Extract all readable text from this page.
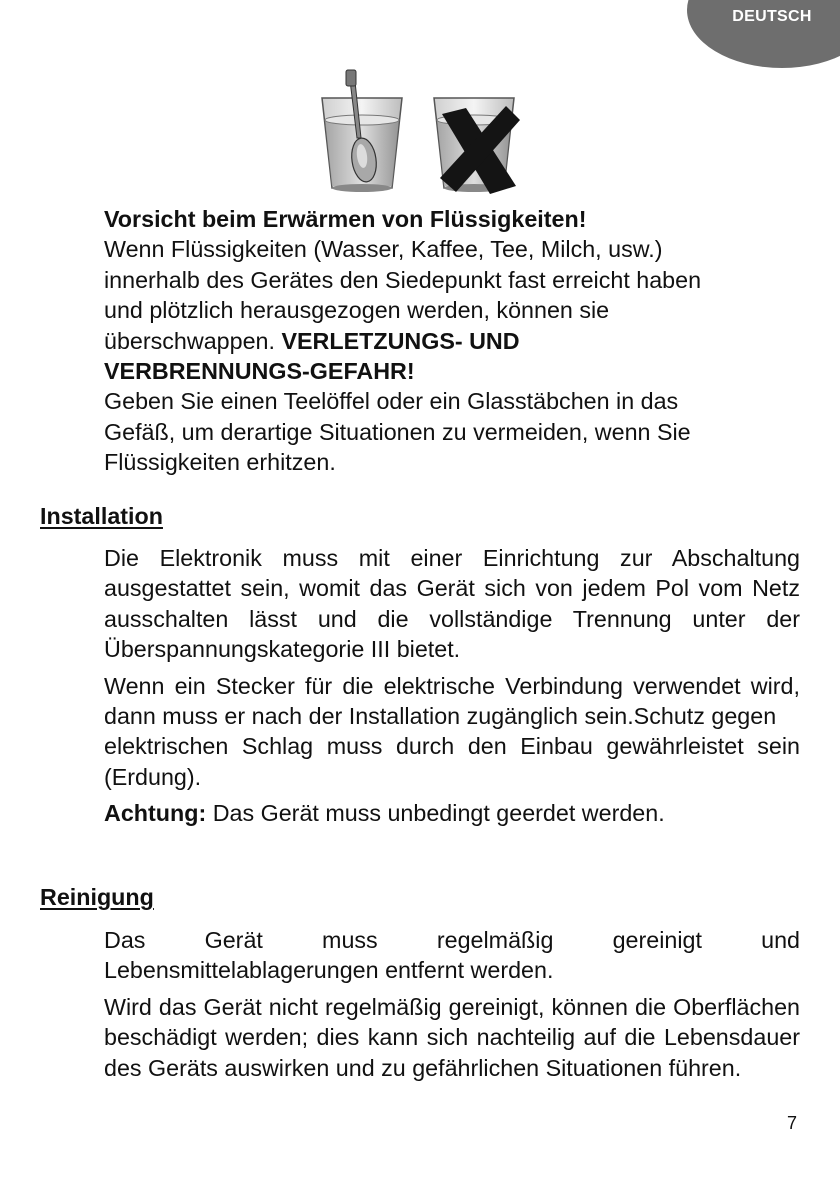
DEUTSCH

Vorsicht beim Erwärmen von Flüssigkeiten!

Wenn Flüssigkeiten (Wasser, Kaffee, Tee, Milch, usw.)

innerhalb des Gerätes den Siedepunkt fast erreicht haben

und plötzlich herausgezogen werden, können sie

überschwappen. VERLETZUNGS- UND

VERBRENNUNGS-GEFAHR!

Geben Sie einen Teelöffel oder ein Glasstäbchen in das

Gefäß, um derartige Situationen zu vermeiden, wenn Sie

Flüssigkeiten erhitzen.

Installation

Die Elektronik muss mit einer Einrichtung zur Abschaltung ausgestattet sein, womit das Gerät sich von jedem Pol vom Netz ausschalten lässt und die vollständige Trennung unter der Überspannungskategorie III bietet.

Wenn ein Stecker für die elektrische Verbindung verwendet wird, dann muss er nach der Installation zugänglich sein.Schutz gegen

elektrischen Schlag muss durch den Einbau gewährleistet sein (Erdung).

Achtung: Das Gerät muss unbedingt geerdet werden.

Reinigung

Das Gerät muss regelmäßig gereinigt und Lebensmittelablagerungen entfernt werden.

Wird das Gerät nicht regelmäßig gereinigt, können die Oberflächen beschädigt werden; dies kann sich nachteilig auf die Lebensdauer des Geräts auswirken und zu gefährlichen Situationen führen.

7
